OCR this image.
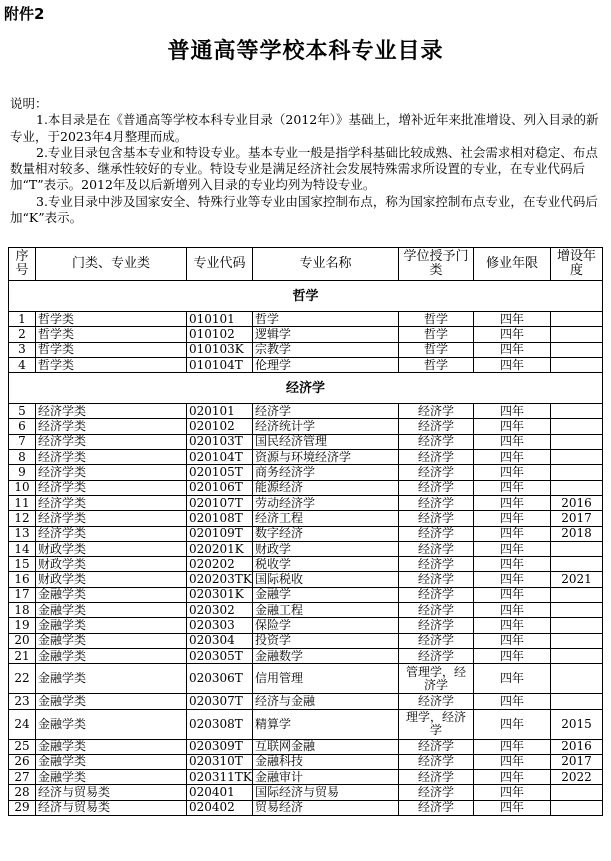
附件2
普通高等学校本科专业目录

说明：

1.本目录是在《普通高等学校本科专业目录（2012年）》基础上，增补近年来批准增设、列入目录的新专业，于2023年4月整理而成。

2.专业目录包含基本专业和特设专业。基本专业一般是指学科基础比较成熟、社会需求相对稳定、布点数量相对较多、继承性较好的专业。特设专业是满足经济社会发展特殊需求所设置的专业，在专业代码后加“T”表示。2012年及以后新增列入目录的专业均列为特设专业。

3.专业目录中涉及国家安全、特殊行业等专业由国家控制布点，称为国家控制布点专业，在专业代码后加“K”表示。

序号	门类、专业类	专业代码	专业名称	学位授予门类	修业年限	增设年度
哲学						
1	哲学类	010101	哲学	哲学	四年	
2	哲学类	010102	逻辑学	哲学	四年	
3	哲学类	010103K	宗教学	哲学	四年	
4	哲学类	010104T	伦理学	哲学	四年	
经济学						
5	经济学类	020101	经济学	经济学	四年	
6	经济学类	020102	经济统计学	经济学	四年	
7	经济学类	020103T	国民经济管理	经济学	四年	
8	经济学类	020104T	资源与环境经济学	经济学	四年	
9	经济学类	020105T	商务经济学	经济学	四年	
10	经济学类	020106T	能源经济	经济学	四年	
11	经济学类	020107T	劳动经济学	经济学	四年	2016
12	经济学类	020108T	经济工程	经济学	四年	2017
13	经济学类	020109T	数字经济	经济学	四年	2018
14	财政学类	020201K	财政学	经济学	四年	
15	财政学类	020202	税收学	经济学	四年	
16	财政学类	020203TK	国际税收	经济学	四年	2021
17	金融学类	020301K	金融学	经济学	四年	
18	金融学类	020302	金融工程	经济学	四年	
19	金融学类	020303	保险学	经济学	四年	
20	金融学类	020304	投资学	经济学	四年	
21	金融学类	020305T	金融数学	经济学	四年	
22	金融学类	020306T	信用管理	管理学，经济学	四年	
23	金融学类	020307T	经济与金融	经济学	四年	
24	金融学类	020308T	精算学	理学，经济学	四年	2015
25	金融学类	020309T	互联网金融	经济学	四年	2016
26	金融学类	020310T	金融科技	经济学	四年	2017
27	金融学类	020311TK	金融审计	经济学	四年	2022
28	经济与贸易类	020401	国际经济与贸易	经济学	四年	
29	经济与贸易类	020402	贸易经济	经济学	四年	
